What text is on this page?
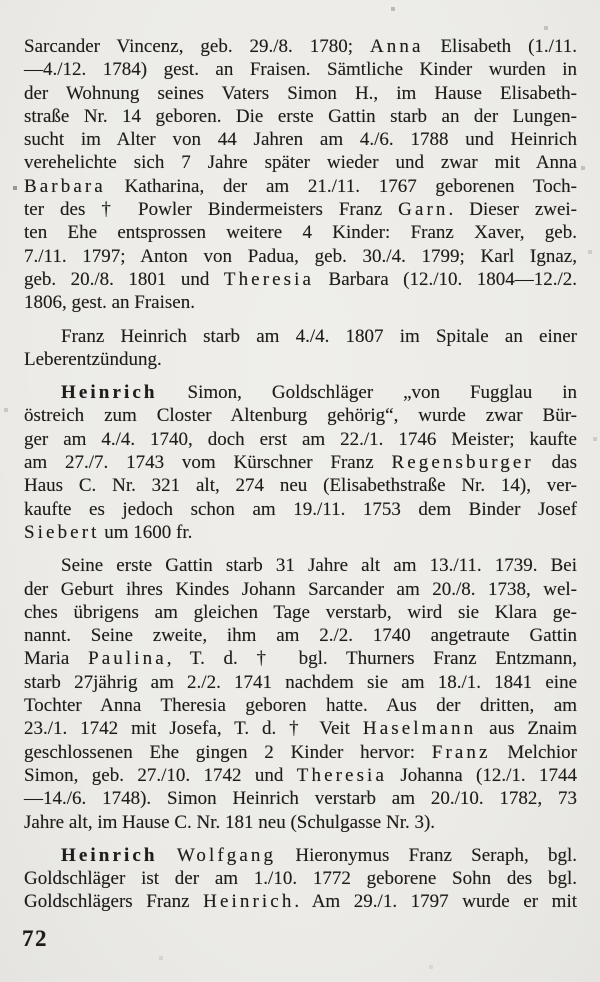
Sarcander Vincenz, geb. 29./8. 1780; Anna Elisabeth (1./11.
—4./12. 1784) gest. an Fraisen. Sämtliche Kinder wurden in
der Wohnung seines Vaters Simon H., im Hause Elisabeth-
straße Nr. 14 geboren. Die erste Gattin starb an der Lungen-
sucht im Alter von 44 Jahren am 4./6. 1788 und Heinrich
verehelichte sich 7 Jahre später wieder und zwar mit Anna
Barbara Katharina, der am 21./11. 1767 geborenen Toch-
ter des † Powler Bindermeisters Franz Garn. Dieser zwei-
ten Ehe entsprossen weitere 4 Kinder: Franz Xaver, geb.
7./11. 1797; Anton von Padua, geb. 30./4. 1799; Karl Ignaz,
geb. 20./8. 1801 und Theresia Barbara (12./10. 1804—12./2.
1806, gest. an Fraisen.
Franz Heinrich starb am 4./4. 1807 im Spitale an einer
Leberentzündung.
Heinrich Simon, Goldschläger „von Fugglau in
östreich zum Closter Altenburg gehörig“, wurde zwar Bür-
ger am 4./4. 1740, doch erst am 22./1. 1746 Meister; kaufte
am 27./7. 1743 vom Kürschner Franz Regensburger das
Haus C. Nr. 321 alt, 274 neu (Elisabethstraße Nr. 14), ver-
kaufte es jedoch schon am 19./11. 1753 dem Binder Josef
Siebert um 1600 fr.
Seine erste Gattin starb 31 Jahre alt am 13./11. 1739. Bei
der Geburt ihres Kindes Johann Sarcander am 20./8. 1738, wel-
ches übrigens am gleichen Tage verstarb, wird sie Klara ge-
nannt. Seine zweite, ihm am 2./2. 1740 angetraute Gattin
Maria Paulina, T. d. † bgl. Thurners Franz Entzmann,
starb 27jährig am 2./2. 1741 nachdem sie am 18./1. 1841 eine
Tochter Anna Theresia geboren hatte. Aus der dritten, am
23./1. 1742 mit Josefa, T. d. † Veit Haselmann aus Znaim
geschlossenen Ehe gingen 2 Kinder hervor: Franz Melchior
Simon, geb. 27./10. 1742 und Theresia Johanna (12./1. 1744
—14./6. 1748). Simon Heinrich verstarb am 20./10. 1782, 73
Jahre alt, im Hause C. Nr. 181 neu (Schulgasse Nr. 3).
Heinrich Wolfgang Hieronymus Franz Seraph, bgl.
Goldschläger ist der am 1./10. 1772 geborene Sohn des bgl.
Goldschlägers Franz Heinrich. Am 29./1. 1797 wurde er mit
72
